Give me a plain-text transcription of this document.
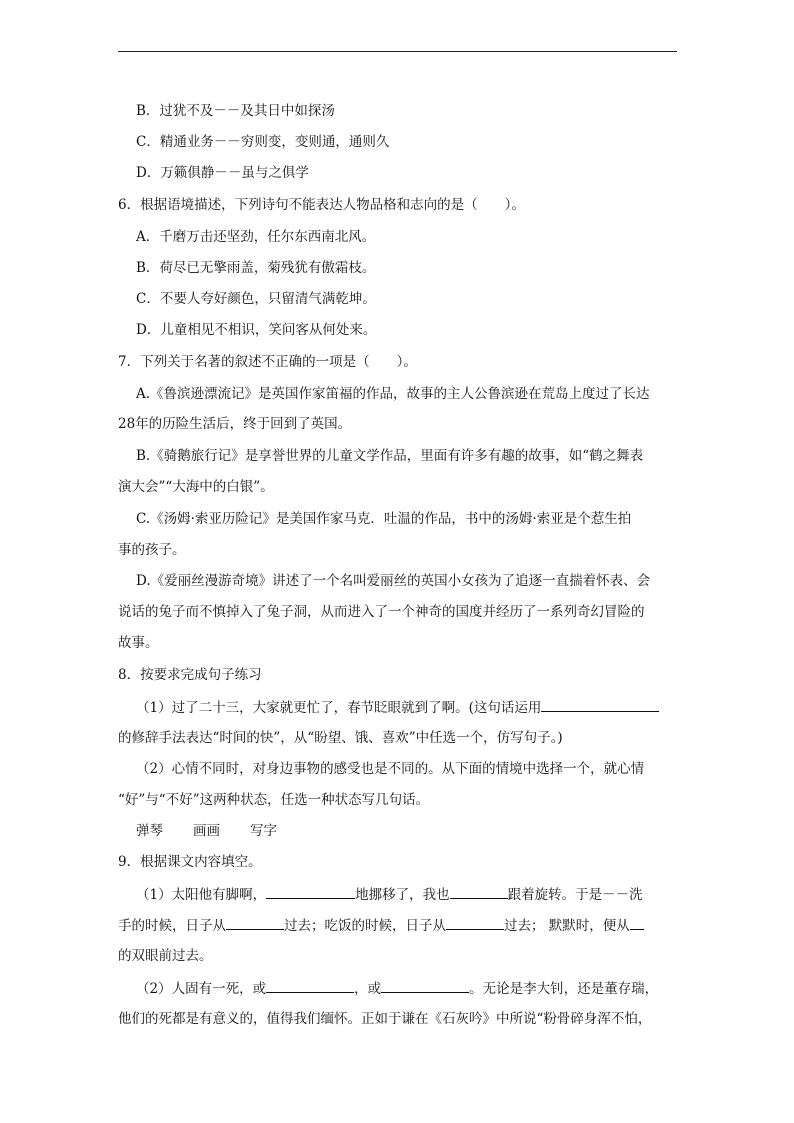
B．过犹不及－－及其日中如探汤
C．精通业务－－穷则变，变则通，通则久
D．万籁俱静－－虽与之俱学
6．根据语境描述，下列诗句不能表达人物品格和志向的是（　　）。
A．千磨万击还坚劲，任尔东西南北风。
B．荷尽已无擎雨盖，菊残犹有傲霜枝。
C．不要人夸好颜色，只留清气满乾坤。
D．儿童相见不相识，笑问客从何处来。
7．下列关于名著的叙述不正确的一项是（　　）。
A.《鲁滨逊漂流记》是英国作家笛福的作品，故事的主人公鲁滨逊在荒岛上度过了长达
28年的历险生活后，终于回到了英国。
B.《骑鹅旅行记》是享誉世界的儿童文学作品，里面有许多有趣的故事，如“鹤之舞表
演大会”“大海中的白银”。
C.《汤姆·索亚历险记》是美国作家马克．吐温的作品，书中的汤姆·索亚是个惹生拍
事的孩子。
D.《爱丽丝漫游奇境》讲述了一个名叫爱丽丝的英国小女孩为了追逐一直揣着怀表、会
说话的兔子而不慎掉入了兔子洞，从而进入了一个神奇的国度并经历了一系列奇幻冒险的
故事。
8．按要求完成句子练习
（1）过了二十三，大家就更忙了，春节眨眼就到了啊。(这句话运用
的修辞手法表达“时间的快”，从“盼望、饿、喜欢”中任选一个，仿写句子。)
（2）心情不同时，对身边事物的感受也是不同的。从下面的情境中选择一个，就心情
“好”与“不好”这两种状态，任选一种状态写几句话。
弹琴 画画 写字
9．根据课文内容填空。
（1）太阳他有脚啊，	地挪移了，我也	跟着旋转。于是－－洗
手的时候，日子从	过去；吃饭的时候，日子从	过去； 默默时，便从
的双眼前过去。
（2）人固有一死，或	，或	。无论是李大钊，还是董存瑞，
他们的死都是有意义的，值得我们缅怀。正如于谦在《石灰吟》中所说“粉骨碎身浑不怕，
